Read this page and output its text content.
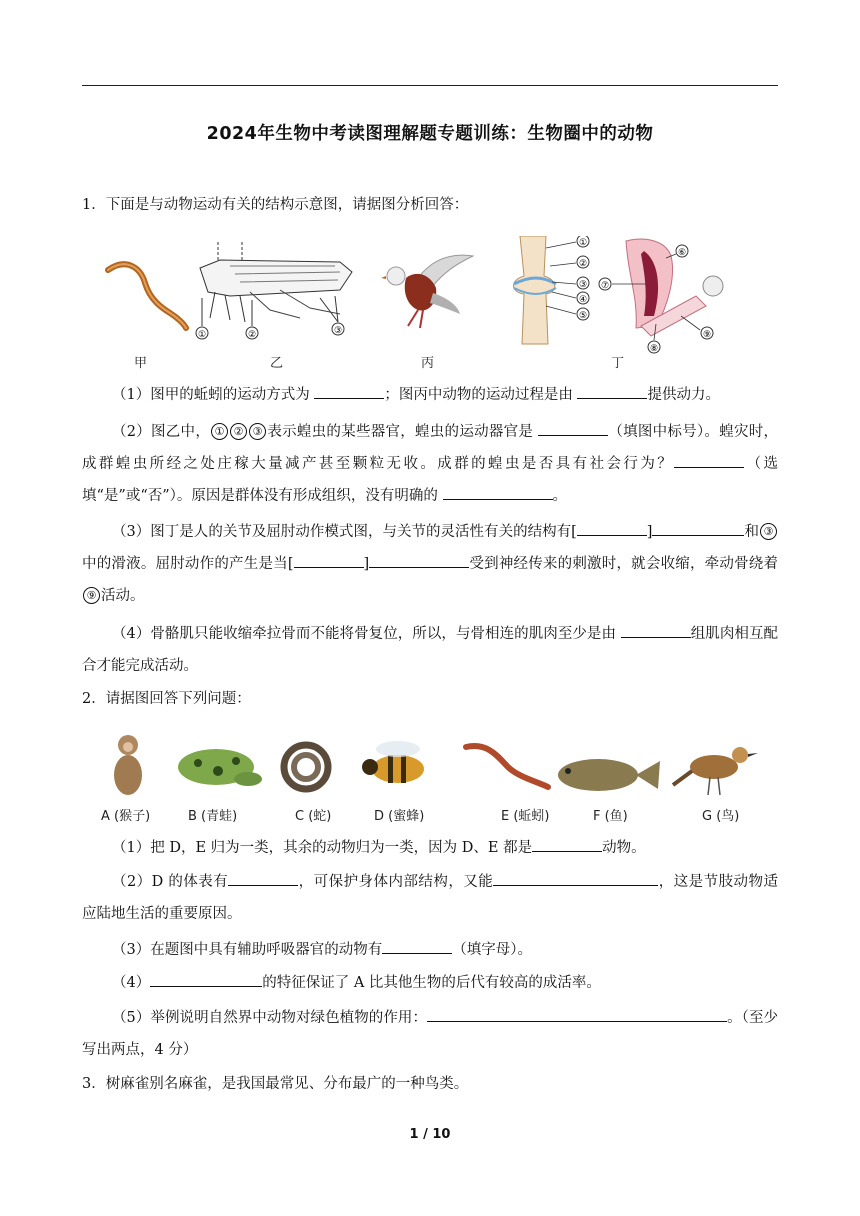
2024年生物中考读图理解题专题训练：生物圈中的动物
1．下面是与动物运动有关的结构示意图，请据图分析回答：
①	②	③
①
②
③
④
⑤
⑥
⑦
⑧
⑨
甲	乙	丙	丁
（1）图甲的蚯蚓的运动方式为	；图丙中动物的运动过程是由	提供动力。
（2）图乙中， ① ② ③ 表示蝗虫的某些器官，蝗虫的运动器官是	（填图中标号）。蝗灾时，成群蝗虫所经之处庄稼大量减产甚至颗粒无收。成群的蝗虫是否具有社会行为？	（选填“是”或“否”）。原因是群体没有形成组织，没有明确的	。
（3）图丁是人的关节及屈肘动作模式图，与关节的灵活性有关的结构有[	]	和 ③中的滑液。屈肘动作的产生是当[	]	受到神经传来的刺激时，就会收缩，牵动骨绕着⑨ 活动。
（4）骨骼肌只能收缩牵拉骨而不能将骨复位，所以，与骨相连的肌肉至少是由	组肌肉相互配合才能完成活动。
2．请据图回答下列问题：
A (猴子)	B (青蛙)	C (蛇)	D (蜜蜂)	E (蚯蚓)	F (鱼)	G (鸟)
（1）把 D，E 归为一类，其余的动物归为一类，因为 D、E 都是	动物。
（2）D 的体表有	，可保护身体内部结构，又能	，这是节肢动物适应陆地生活的重要原因。
（3）在题图中具有辅助呼吸器官的动物有	（填字母）。
（4）	的特征保证了 A 比其他生物的后代有较高的成活率。
（5）举例说明自然界中动物对绿色植物的作用：	。（至少写出两点，4 分）
3．树麻雀别名麻雀，是我国最常见、分布最广的一种鸟类。
1 / 10
